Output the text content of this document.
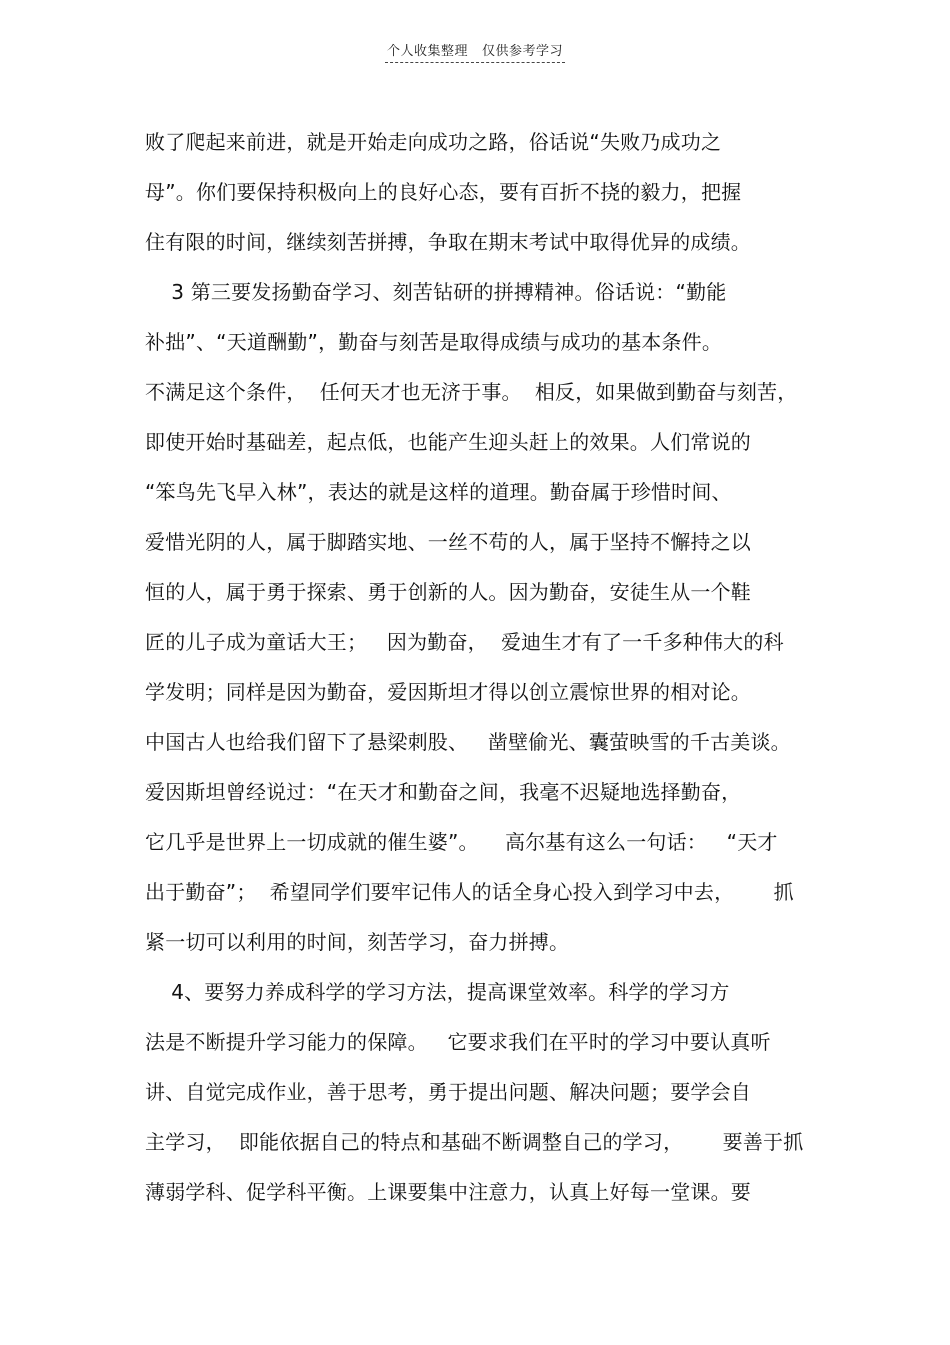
个人收集整理 仅供参考学习
败了爬起来前进，就是开始走向成功之路，俗话说“失败乃成功之
母”。你们要保持积极向上的良好心态，要有百折不挠的毅力，把握
住有限的时间，继续刻苦拼搏，争取在期末考试中取得优异的成绩。
3 第三要发扬勤奋学习、刻苦钻研的拼搏精神。俗话说：“勤能
补拙”、“天道酬勤”，勤奋与刻苦是取得成绩与成功的基本条件。
不满足这个条件，  任何天才也无济于事。  相反，如果做到勤奋与刻苦，
即使开始时基础差，起点低，也能产生迎头赶上的效果。人们常说的
“笨鸟先飞早入林”，表达的就是这样的道理。勤奋属于珍惜时间、
爱惜光阴的人，属于脚踏实地、一丝不苟的人，属于坚持不懈持之以
恒的人，属于勇于探索、勇于创新的人。因为勤奋，安徒生从一个鞋
匠的儿子成为童话大王；   因为勤奋，  爱迪生才有了一千多种伟大的科
学发明；同样是因为勤奋，爱因斯坦才得以创立震惊世界的相对论。
中国古人也给我们留下了悬梁刺股、   凿壁偷光、囊萤映雪的千古美谈。
爱因斯坦曾经说过：“在天才和勤奋之间，我毫不迟疑地选择勤奋，
它几乎是世界上一切成就的催生婆”。    高尔基有这么一句话：   “天才
出于勤奋”；  希望同学们要牢记伟人的话全身心投入到学习中去，      抓
紧一切可以利用的时间，刻苦学习，奋力拼搏。
4、要努力养成科学的学习方法，提高课堂效率。科学的学习方
法是不断提升学习能力的保障。   它要求我们在平时的学习中要认真听
讲、自觉完成作业，善于思考，勇于提出问题、解决问题；要学会自
主学习，  即能依据自己的特点和基础不断调整自己的学习，      要善于抓
薄弱学科、促学科平衡。上课要集中注意力，认真上好每一堂课。要
